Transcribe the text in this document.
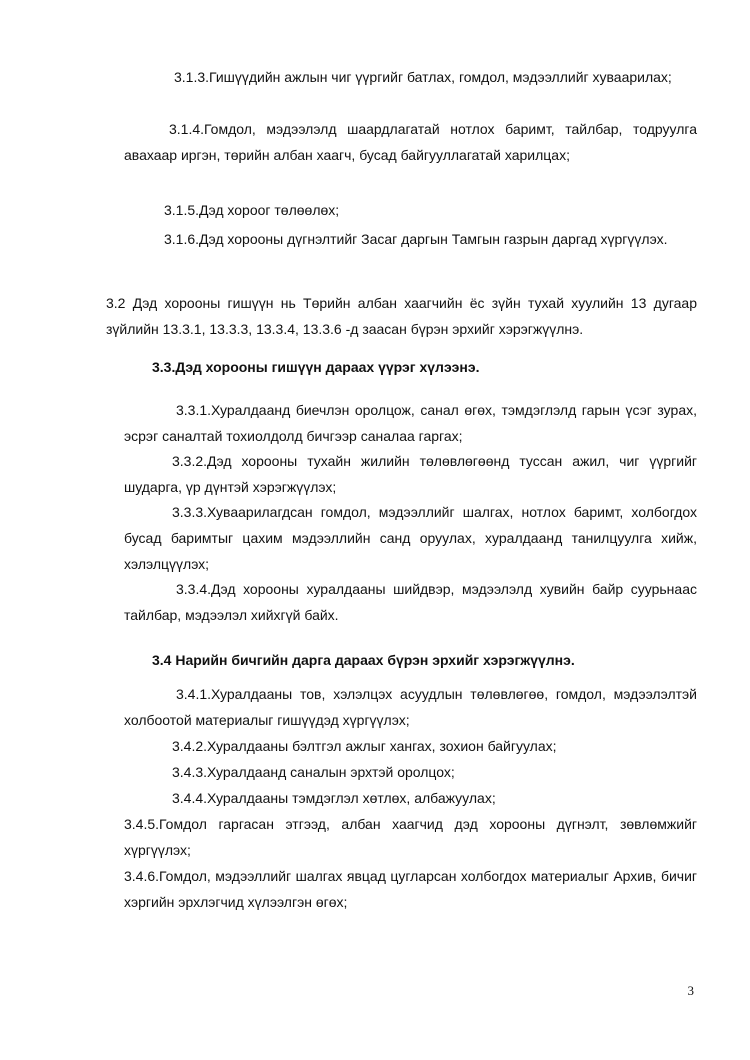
3.1.3.Гишүүдийн ажлын чиг үүргийг батлах, гомдол, мэдээллийг хуваарилах;

3.1.4.Гомдол, мэдээлэлд шаардлагатай нотлох баримт, тайлбар, тодруулга авахаар иргэн, төрийн албан хаагч, бусад байгууллагатай харилцах;

3.1.5.Дэд хороог төлөөлөх;

3.1.6.Дэд хорооны дүгнэлтийг Засаг даргын Тамгын газрын даргад хүргүүлэх.

3.2 Дэд хорооны гишүүн нь Төрийн албан хаагчийн ёс зүйн тухай хуулийн 13 дугаар зүйлийн 13.3.1, 13.3.3, 13.3.4, 13.3.6 -д заасан бүрэн эрхийг хэрэгжүүлнэ.

3.3.Дэд хорооны гишүүн дараах үүрэг хүлээнэ.

3.3.1.Хуралдаанд биечлэн оролцож, санал өгөх, тэмдэглэлд гарын үсэг зурах, эсрэг саналтай тохиолдолд бичгээр саналаа гаргах;

3.3.2.Дэд хорооны тухайн жилийн төлөвлөгөөнд туссан ажил, чиг үүргийг шударга, үр дүнтэй хэрэгжүүлэх;

3.3.3.Хуваарилагдсан гомдол, мэдээллийг шалгах, нотлох баримт, холбогдох бусад баримтыг цахим мэдээллийн санд оруулах, хуралдаанд танилцуулга хийж, хэлэлцүүлэх;

3.3.4.Дэд хорооны хуралдааны шийдвэр, мэдээлэлд хувийн байр суурьнаас тайлбар, мэдээлэл хийхгүй байх.

3.4 Нарийн бичгийн дарга дараах бүрэн эрхийг хэрэгжүүлнэ.

3.4.1.Хуралдааны тов, хэлэлцэх асуудлын төлөвлөгөө, гомдол, мэдээлэлтэй холбоотой материалыг гишүүдэд хүргүүлэх;

3.4.2.Хуралдааны бэлтгэл ажлыг хангах, зохион байгуулах;

3.4.3.Хуралдаанд саналын эрхтэй оролцох;

3.4.4.Хуралдааны тэмдэглэл хөтлөх, албажуулах;

3.4.5.Гомдол гаргасан этгээд, албан хаагчид дэд хорооны дүгнэлт, зөвлөмжийг хүргүүлэх;

3.4.6.Гомдол, мэдээллийг шалгах явцад цугларсан холбогдох материалыг Архив, бичиг хэргийн эрхлэгчид хүлээлгэн өгөх;

3
